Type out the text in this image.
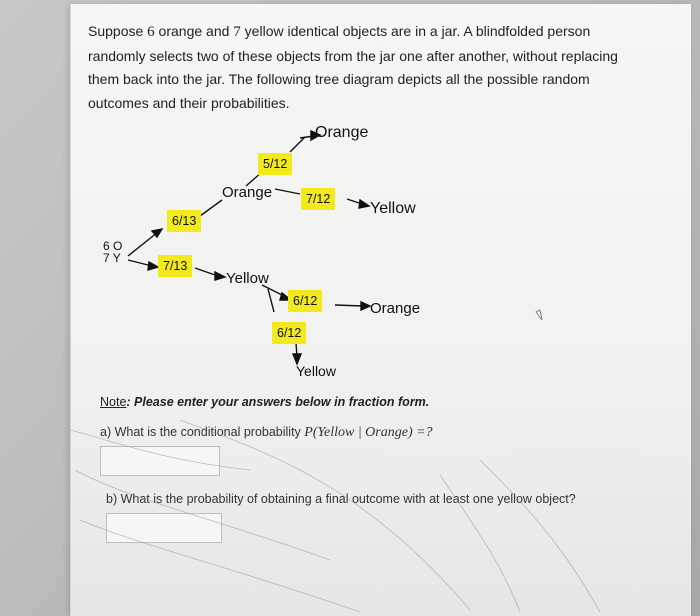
Suppose 6 orange and 7 yellow identical objects are in a jar. A blindfolded person randomly selects two of these objects from the jar one after another, without replacing them back into the jar. The following tree diagram depicts all the possible random outcomes and their probabilities.
6 O
7 Y
6/13
7/13
Orange
Yellow
5/12
Orange
7/12
Yellow
6/12	Orange
6/12
Yellow
Note: Please enter your answers below in fraction form.
a) What is the conditional probability P(Yellow | Orange) =?
b) What is the probability of obtaining a final outcome with at least one yellow object?
